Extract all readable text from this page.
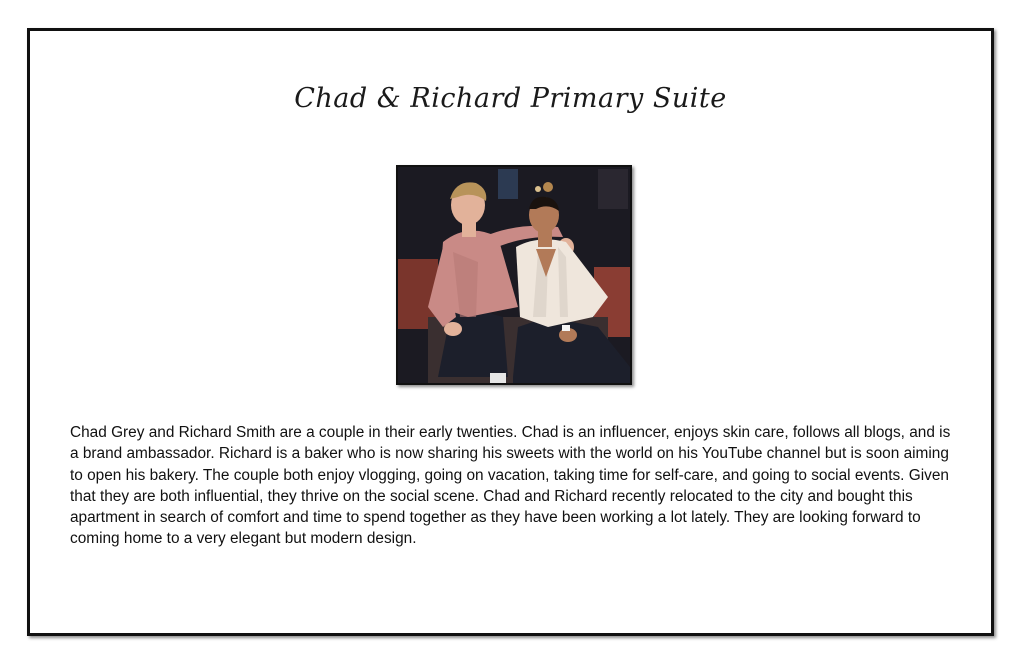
Chad & Richard Primary Suite

Chad Grey and Richard Smith are a couple in their early twenties. Chad is an influencer, enjoys skin care, follows all blogs, and is a brand ambassador. Richard is a baker who is now sharing his sweets with the world on his YouTube channel but is soon aiming to open his bakery. The couple both enjoy vlogging, going on vacation, taking time for self-care, and going to social events. Given that they are both influential, they thrive on the social scene. Chad and Richard recently relocated to the city and bought this apartment in search of comfort and time to spend together as they have been working a lot lately. They are looking forward to coming home to a very elegant but modern design.
